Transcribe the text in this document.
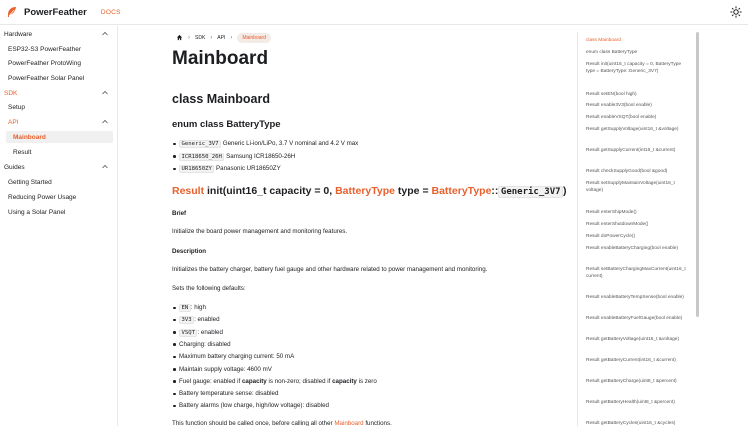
PowerFeather DOCS
Hardware
ESP32-S3 PowerFeather
PowerFeather ProtoWing
PowerFeather Solar Panel
SDK
Setup
API
Mainboard
Result
Guides
Getting Started
Reducing Power Usage
Using a Solar Panel
› SDK › API ›	Mainboard
Mainboard
class Mainboard
enum class BatteryType
Generic_3V7 Generic Li-ion/LiPo, 3.7 V nominal and 4.2 V max
ICR18650_26H Samsung ICR18650-26H
UR18650ZY Panasonic UR18650ZY
Result init(uint16_t capacity = 0, BatteryType type = BatteryType:: Generic_3V7 )
Brief
Initialize the board power management and monitoring features.
Description
Initializes the battery charger, battery fuel gauge and other hardware related to power management and monitoring.
Sets the following defaults:
EN : high
3V3 : enabled
VSQT : enabled
Charging: disabled
Maximum battery charging current: 50 mA
Maintain supply voltage: 4600 mV
Fuel gauge: enabled if capacity is non-zero; disabled if capacity is zero
Battery temperature sense: disabled
Battery alarms (low charge, high/low voltage): disabled
This function should be called once, before calling all other Mainboard functions.
class Mainboard
enum class BatteryType
Result init(uint16_t capacity = 0, BatteryType type = BatteryType::Generic_3V7)
Result setEN(bool high)
Result enable3V3(bool enable)
Result enableVSQT(bool enable)
Result getSupplyVoltage(uint16_t &voltage)
Result getSupplyCurrent(int16_t &current)
Result checkSupplyGood(bool &good)
Result setSupplyMaintainVoltage(uint16_t voltage)
Result enterShipMode()
Result enterShutdownMode()
Result doPowerCycle()
Result enableBatteryCharging(bool enable)
Result setBatteryChargingMaxCurrent(uint16_t current)
Result enableBatteryTempSense(bool enable)
Result enableBatteryFuelGauge(bool enable)
Result getBatteryVoltage(uint16_t &voltage)
Result getBatteryCurrent(int16_t &current)
Result getBatteryCharge(uint8_t &percent)
Result getBatteryHealth(uint8_t &percent)
Result getBatteryCycles(uint16_t &cycles)
